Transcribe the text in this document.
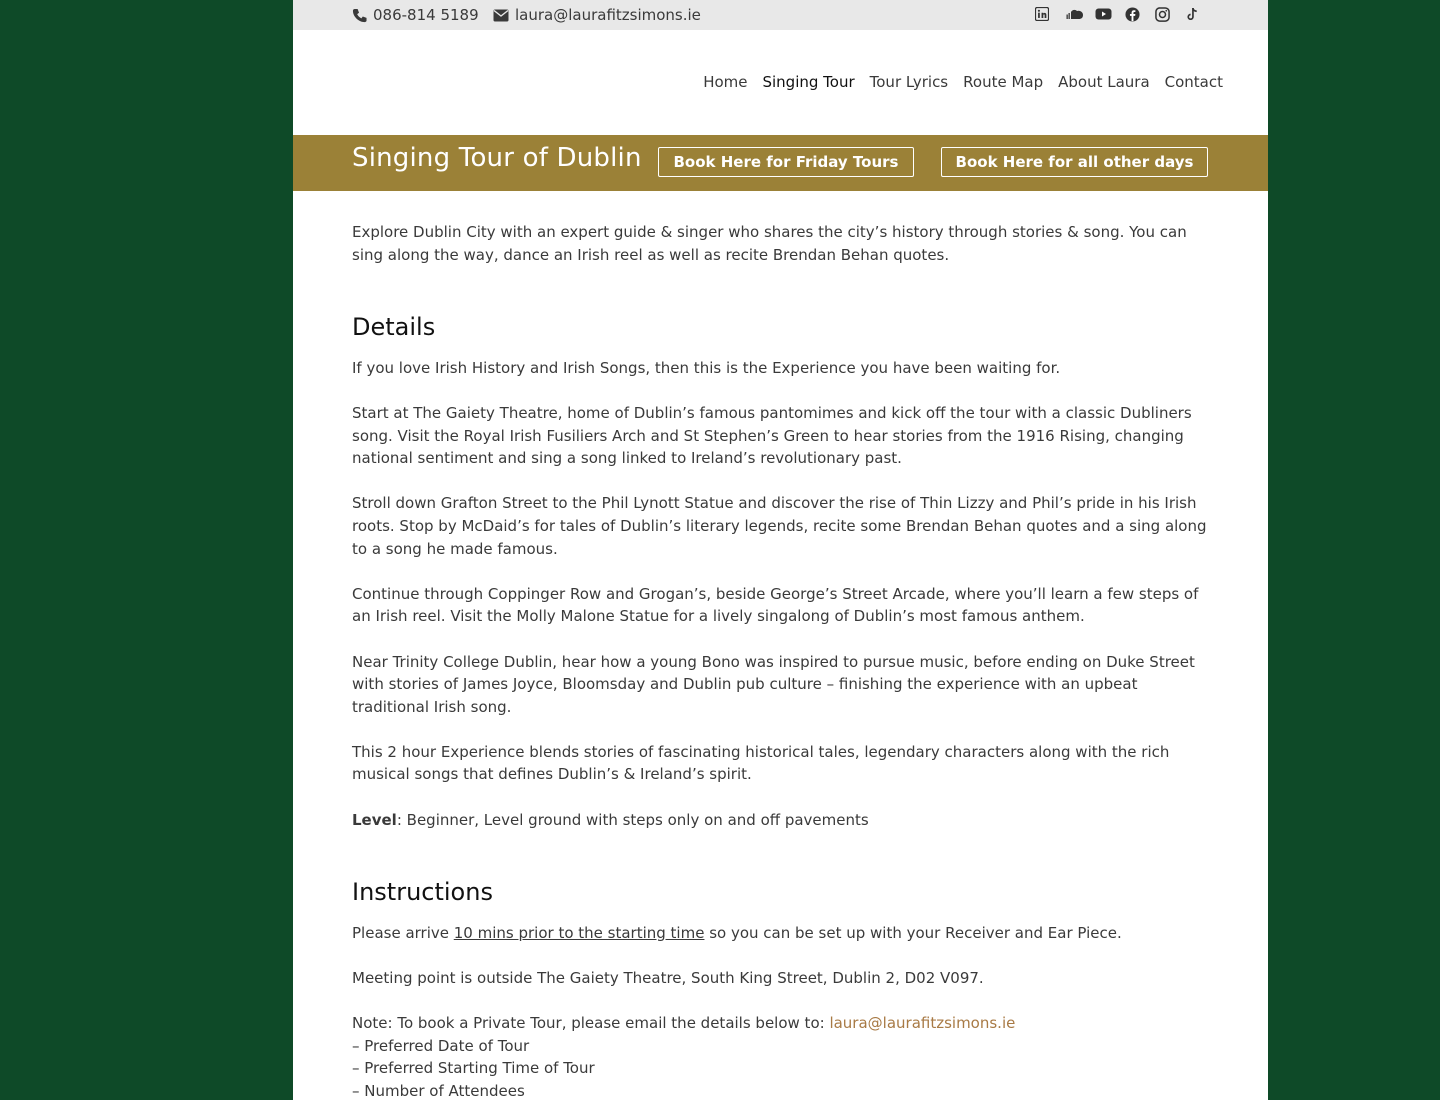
086-814 5189 laura@laurafitzsimons.ie
Home Singing Tour Tour Lyrics Route Map About Laura Contact
Singing Tour of Dublin	Book Here for Friday Tours	Book Here for all other days

Explore Dublin City with an expert guide & singer who shares the city’s history through stories & song. You can sing along the way, dance an Irish reel as well as recite Brendan Behan quotes.

Details

If you love Irish History and Irish Songs, then this is the Experience you have been waiting for.

Start at The Gaiety Theatre, home of Dublin’s famous pantomimes and kick off the tour with a classic Dubliners song. Visit the Royal Irish Fusiliers Arch and St Stephen’s Green to hear stories from the 1916 Rising, changing national sentiment and sing a song linked to Ireland’s revolutionary past.

Stroll down Grafton Street to the Phil Lynott Statue and discover the rise of Thin Lizzy and Phil’s pride in his Irish roots. Stop by McDaid’s for tales of Dublin’s literary legends, recite some Brendan Behan quotes and a sing along to a song he made famous.

Continue through Coppinger Row and Grogan’s, beside George’s Street Arcade, where you’ll learn a few steps of an Irish reel. Visit the Molly Malone Statue for a lively singalong of Dublin’s most famous anthem.

Near Trinity College Dublin, hear how a young Bono was inspired to pursue music, before ending on Duke Street with stories of James Joyce, Bloomsday and Dublin pub culture – finishing the experience with an upbeat traditional Irish song.

This 2 hour Experience blends stories of fascinating historical tales, legendary characters along with the rich musical songs that defines Dublin’s & Ireland’s spirit.

Level: Beginner, Level ground with steps only on and off pavements

Instructions

Please arrive 10 mins prior to the starting time so you can be set up with your Receiver and Ear Piece.

Meeting point is outside The Gaiety Theatre, South King Street, Dublin 2, D02 V097.

Note: To book a Private Tour, please email the details below to: laura@laurafitzsimons.ie

– Preferred Date of Tour

– Preferred Starting Time of Tour

– Number of Attendees
